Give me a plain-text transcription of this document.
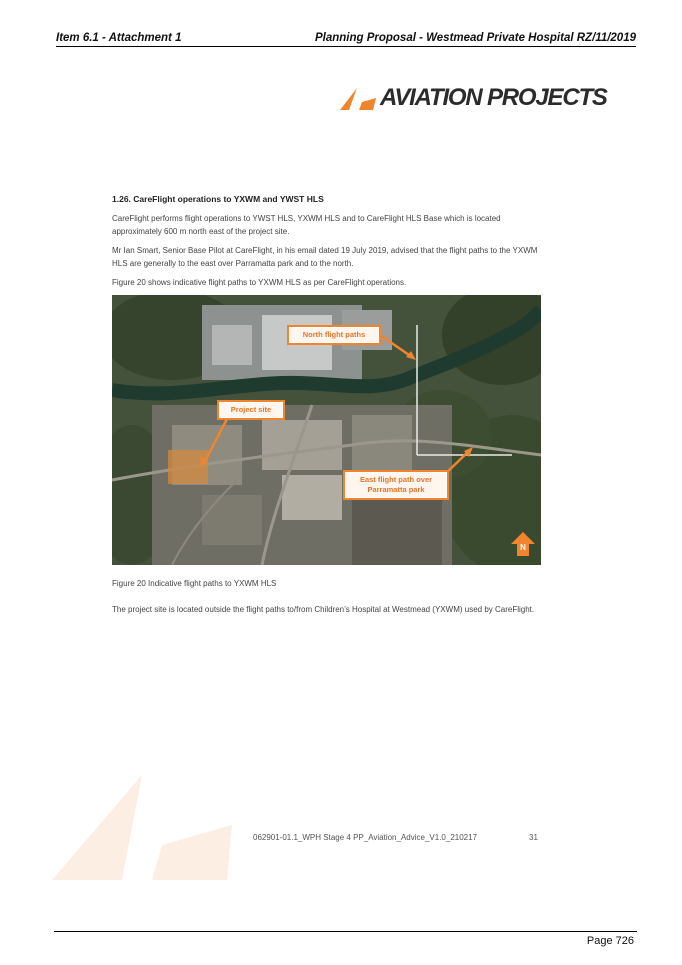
Item 6.1 - Attachment 1	Planning Proposal - Westmead Private Hospital RZ/11/2019
AVIATION PROJECTS
1.26. CareFlight operations to YXWM and YWST HLS
CareFlight performs flight operations to YWST HLS, YXWM HLS and to CareFlight HLS Base which is located approximately 600 m north east of the project site.
Mr Ian Smart, Senior Base Pilot at CareFlight, in his email dated 19 July 2019, advised that the flight paths to the YXWM HLS are generally to the east over Parramatta park and to the north.
Figure 20 shows indicative flight paths to YXWM HLS as per CareFlight operations.
North flight paths
Project site
East flight path over
Parramatta park
N
Figure 20 Indicative flight paths to YXWM HLS
The project site is located outside the flight paths to/from Children’s Hospital at Westmead (YXWM) used by CareFlight.
062901-01.1_WPH Stage 4 PP_Aviation_Advice_V1.0_210217	31
Page 726
